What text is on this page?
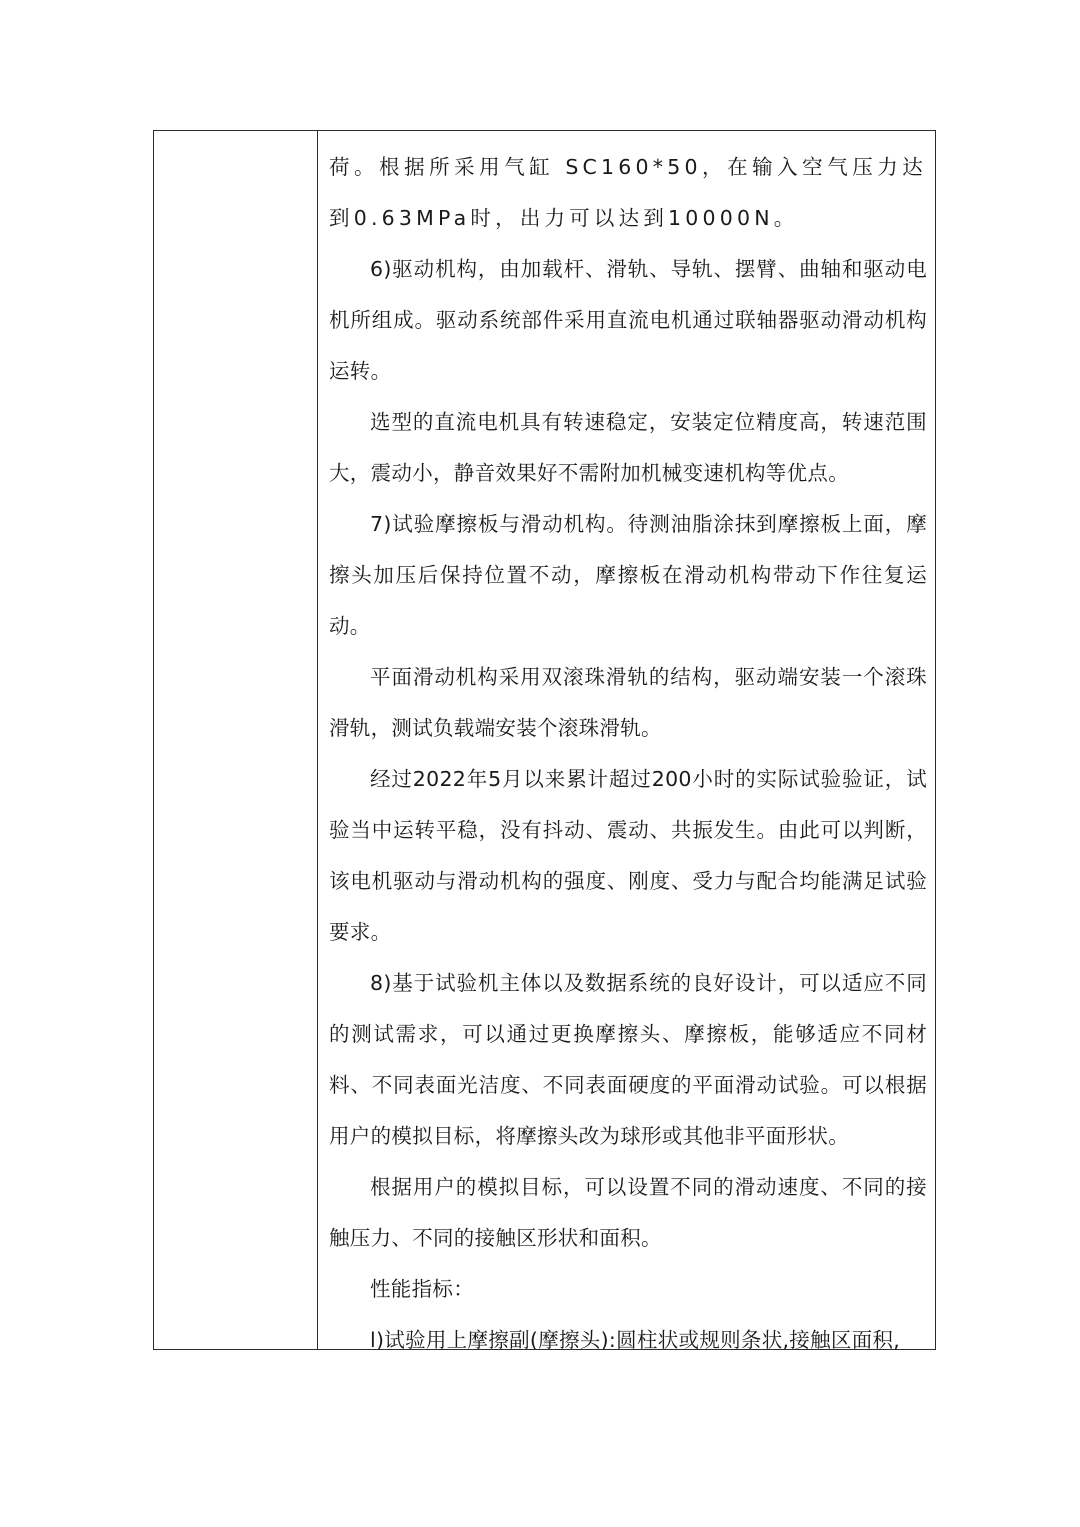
荷。根据所采用气缸 SC160*50，在输入空气压力达到0.63MPa时，出力可以达到10000N。

6)驱动机构，由加载杆、滑轨、导轨、摆臂、曲轴和驱动电机所组成。驱动系统部件采用直流电机通过联轴器驱动滑动机构运转。

选型的直流电机具有转速稳定，安装定位精度高，转速范围大，震动小，静音效果好不需附加机械变速机构等优点。

7)试验摩擦板与滑动机构。待测油脂涂抹到摩擦板上面，摩擦头加压后保持位置不动，摩擦板在滑动机构带动下作往复运动。

平面滑动机构采用双滚珠滑轨的结构，驱动端安装一个滚珠滑轨，测试负载端安装个滚珠滑轨。

经过2022年5月以来累计超过200小时的实际试验验证，试验当中运转平稳，没有抖动、震动、共振发生。由此可以判断，该电机驱动与滑动机构的强度、刚度、受力与配合均能满足试验要求。

8)基于试验机主体以及数据系统的良好设计，可以适应不同的测试需求，可以通过更换摩擦头、摩擦板，能够适应不同材料、不同表面光洁度、不同表面硬度的平面滑动试验。可以根据用户的模拟目标，将摩擦头改为球形或其他非平面形状。

根据用户的模拟目标，可以设置不同的滑动速度、不同的接触压力、不同的接触区形状和面积。

性能指标：

l)试验用上摩擦副(摩擦头):圆柱状或规则条状,接触区面积,
